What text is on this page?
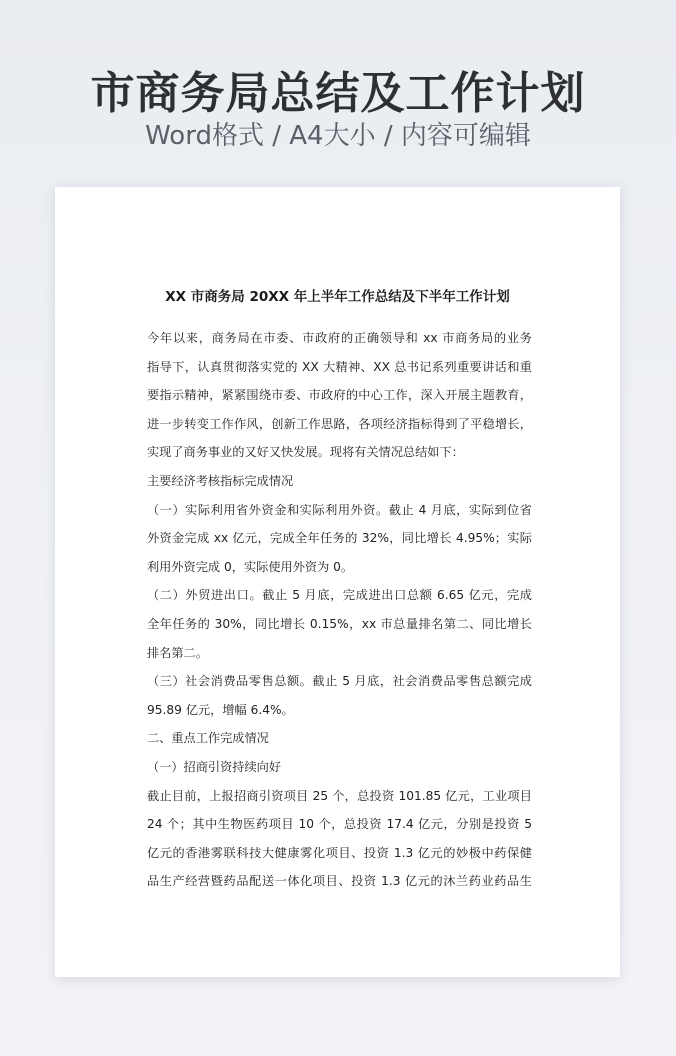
市商务局总结及工作计划
Word格式 / A4大小 / 内容可编辑
XX 市商务局 20XX 年上半年工作总结及下半年工作计划
今年以来，商务局在市委、市政府的正确领导和 xx 市商务局的业务
指导下，认真贯彻落实党的 XX 大精神、XX 总书记系列重要讲话和重
要指示精神，紧紧围绕市委、市政府的中心工作，深入开展主题教育，
进一步转变工作作风，创新工作思路，各项经济指标得到了平稳增长，
实现了商务事业的又好又快发展。现将有关情况总结如下：
主要经济考核指标完成情况
（一）实际利用省外资金和实际利用外资。截止 4 月底，实际到位省
外资金完成 xx 亿元，完成全年任务的 32%，同比增长 4.95%；实际
利用外资完成 0，实际使用外资为 0。
（二）外贸进出口。截止 5 月底，完成进出口总额 6.65 亿元，完成
全年任务的 30%，同比增长 0.15%，xx 市总量排名第二、同比增长
排名第二。
（三）社会消费品零售总额。截止 5 月底，社会消费品零售总额完成
95.89 亿元，增幅 6.4%。
二、重点工作完成情况
（一）招商引资持续向好
截止目前，上报招商引资项目 25 个，总投资 101.85 亿元，工业项目
24 个；其中生物医药项目 10 个，总投资 17.4 亿元，分别是投资 5
亿元的香港雾联科技大健康雾化项目、投资 1.3 亿元的妙极中药保健
品生产经营暨药品配送一体化项目、投资 1.3 亿元的沐兰药业药品生
